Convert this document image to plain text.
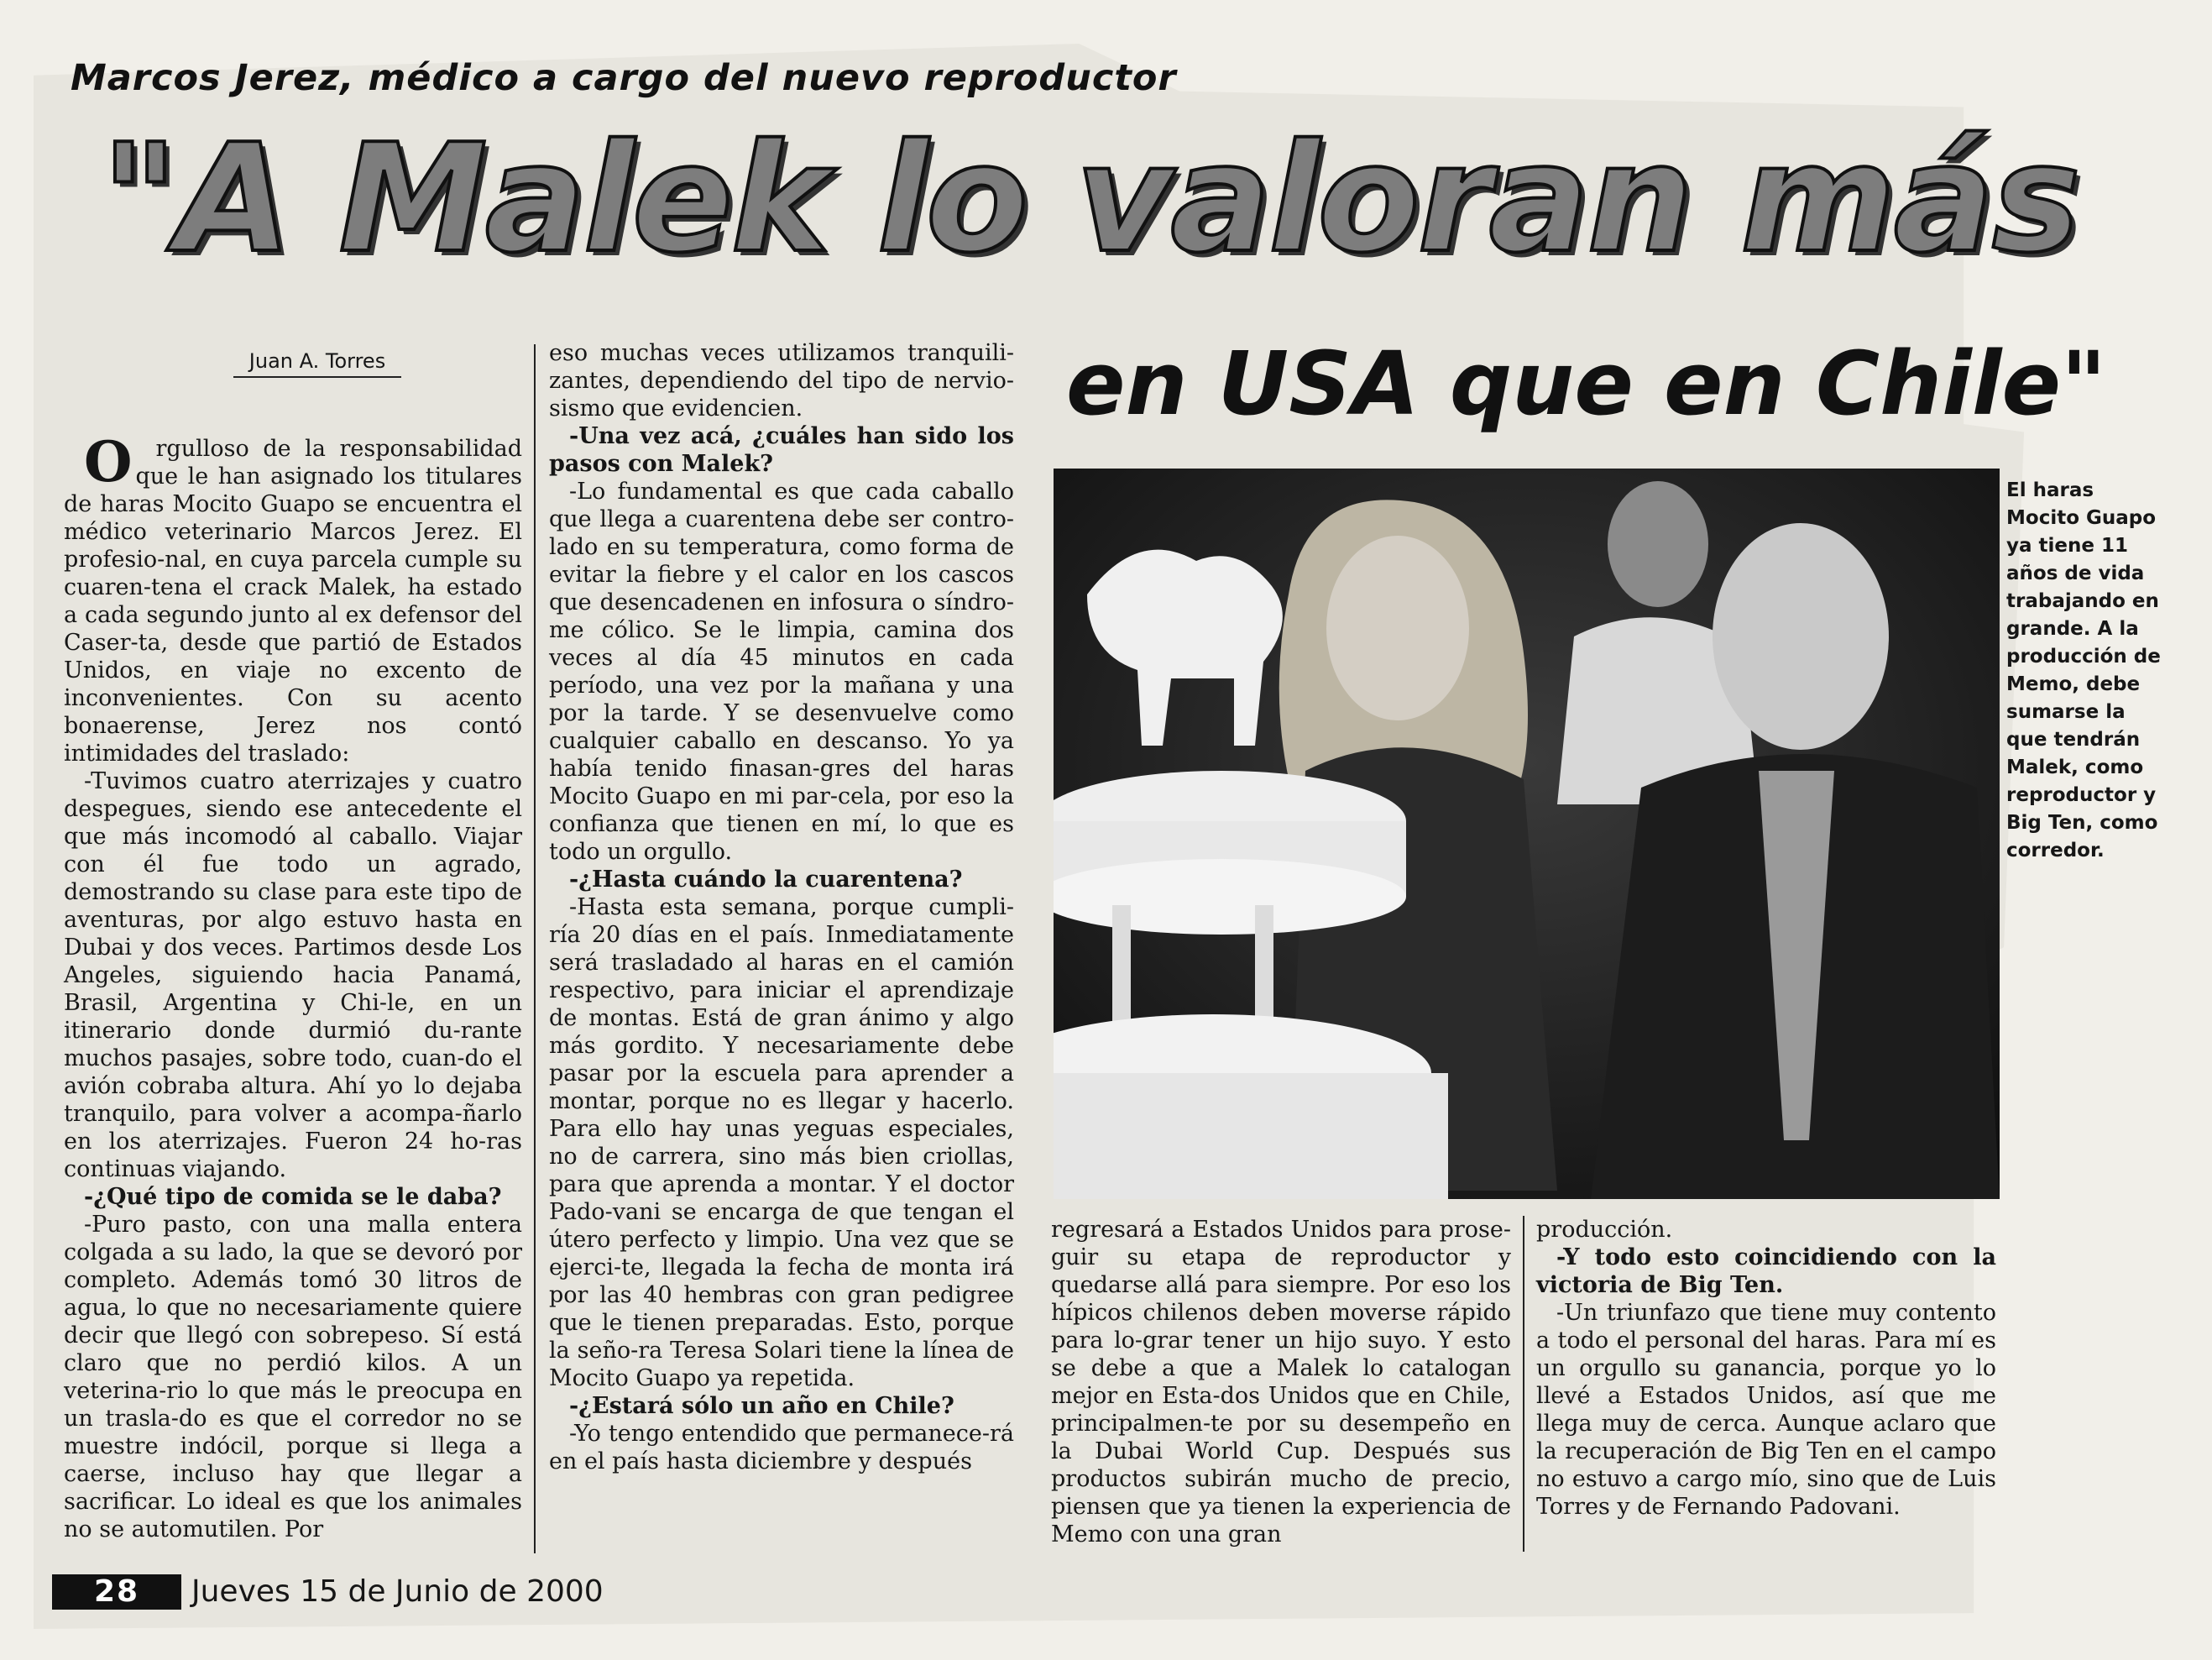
Marcos Jerez, médico a cargo del nuevo reproductor
"A Malek lo valoran más
en USA que en Chile"
Juan A. Torres

O rgulloso de la responsabilidad que le han asignado los titulares de haras Mocito Guapo se encuentra el médico veterinario Marcos Jerez. El profesio-nal, en cuya parcela cumple su cuaren-tena el crack Malek, ha estado a cada segundo junto al ex defensor del Caser-ta, desde que partió de Estados Unidos, en viaje no excento de inconvenientes. Con su acento bonaerense, Jerez nos contó intimidades del traslado:

-Tuvimos cuatro aterrizajes y cuatro despegues, siendo ese antecedente el que más incomodó al caballo. Viajar con él fue todo un agrado, demostrando su clase para este tipo de aventuras, por algo estuvo hasta en Dubai y dos veces. Partimos desde Los Angeles, siguiendo hacia Panamá, Brasil, Argentina y Chi-le, en un itinerario donde durmió du-rante muchos pasajes, sobre todo, cuan-do el avión cobraba altura. Ahí yo lo dejaba tranquilo, para volver a acompa-ñarlo en los aterrizajes. Fueron 24 ho-ras continuas viajando.

-¿Qué tipo de comida se le daba?

-Puro pasto, con una malla entera colgada a su lado, la que se devoró por completo. Además tomó 30 litros de agua, lo que no necesariamente quiere decir que llegó con sobrepeso. Sí está claro que no perdió kilos. A un veterina-rio lo que más le preocupa en un trasla-do es que el corredor no se muestre indócil, porque si llega a caerse, incluso hay que llegar a sacrificar. Lo ideal es que los animales no se automutilen. Por

eso muchas veces utilizamos tranquili-zantes, dependiendo del tipo de nervio-sismo que evidencien.

-Una vez acá, ¿cuáles han sido los pasos con Malek?

-Lo fundamental es que cada caballo que llega a cuarentena debe ser contro-lado en su temperatura, como forma de evitar la fiebre y el calor en los cascos que desencadenen en infosura o síndro-me cólico. Se le limpia, camina dos veces al día 45 minutos en cada período, una vez por la mañana y una por la tarde. Y se desenvuelve como cualquier caballo en descanso. Yo ya había tenido finasan-gres del haras Mocito Guapo en mi par-cela, por eso la confianza que tienen en mí, lo que es todo un orgullo.

-¿Hasta cuándo la cuarentena?

-Hasta esta semana, porque cumpli-ría 20 días en el país. Inmediatamente será trasladado al haras en el camión respectivo, para iniciar el aprendizaje de montas. Está de gran ánimo y algo más gordito. Y necesariamente debe pasar por la escuela para aprender a montar, porque no es llegar y hacerlo. Para ello hay unas yeguas especiales, no de carrera, sino más bien criollas, para que aprenda a montar. Y el doctor Pado-vani se encarga de que tengan el útero perfecto y limpio. Una vez que se ejerci-te, llegada la fecha de monta irá por las 40 hembras con gran pedigree que le tienen preparadas. Esto, porque la seño-ra Teresa Solari tiene la línea de Mocito Guapo ya repetida.

-¿Estará sólo un año en Chile?

-Yo tengo entendido que permanece-rá en el país hasta diciembre y después

regresará a Estados Unidos para prose-guir su etapa de reproductor y quedarse allá para siempre. Por eso los hípicos chilenos deben moverse rápido para lo-grar tener un hijo suyo. Y esto se debe a que a Malek lo catalogan mejor en Esta-dos Unidos que en Chile, principalmen-te por su desempeño en la Dubai World Cup. Después sus productos subirán mucho de precio, piensen que ya tienen la experiencia de Memo con una gran

producción.

-Y todo esto coincidiendo con la victoria de Big Ten.

-Un triunfazo que tiene muy contento a todo el personal del haras. Para mí es un orgullo su ganancia, porque yo lo llevé a Estados Unidos, así que me llega muy de cerca. Aunque aclaro que la recuperación de Big Ten en el campo no estuvo a cargo mío, sino que de Luis Torres y de Fernando Padovani.

El haras Mocito Guapo ya tiene 11 años de vida trabajando en grande. A la producción de Memo, debe sumarse la que tendrán Malek, como reproductor y Big Ten, como corredor.
28	Jueves 15 de Junio de 2000
